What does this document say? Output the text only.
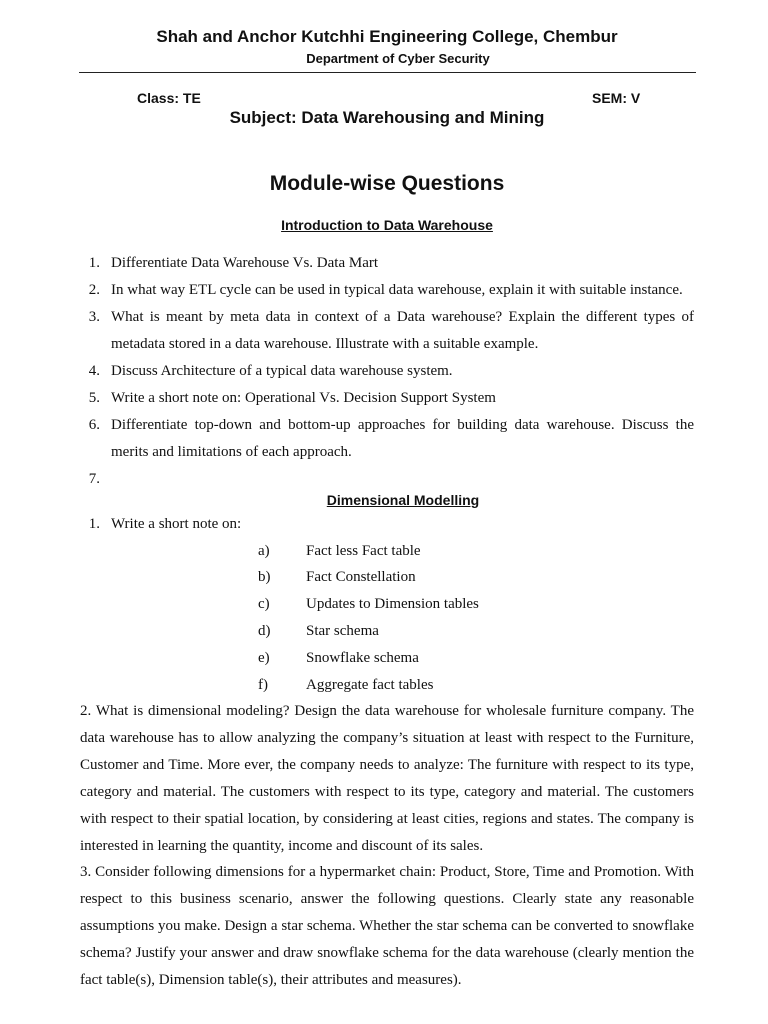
Shah and Anchor Kutchhi Engineering College, Chembur
Department of Cyber Security
Class: TE	SEM: V
Subject: Data Warehousing and Mining
Module-wise Questions
Introduction to Data Warehouse
1. Differentiate Data Warehouse Vs. Data Mart
2. In what way ETL cycle can be used in typical data warehouse, explain it with suitable instance.
3. What is meant by meta data in context of a Data warehouse? Explain the different types of metadata stored in a data warehouse. Illustrate with a suitable example.
4. Discuss Architecture of a typical data warehouse system.
5. Write a short note on: Operational Vs. Decision Support System
6. Differentiate top-down and bottom-up approaches for building data warehouse. Discuss the merits and limitations of each approach.
7.
Dimensional Modelling
1. Write a short note on:
a) Fact less Fact table
b) Fact Constellation
c) Updates to Dimension tables
d) Star schema
e) Snowflake schema
f)	Aggregate fact tables
2. What is dimensional modeling? Design the data warehouse for wholesale furniture company. The data warehouse has to allow analyzing the company’s situation at least with respect to the Furniture, Customer and Time. More ever, the company needs to analyze: The furniture with respect to its type, category and material. The customers with respect to its type, category and material. The customers with respect to their spatial location, by considering at least cities, regions and states. The company is interested in learning the quantity, income and discount of its sales.
3. Consider following dimensions for a hypermarket chain: Product, Store, Time and Promotion. With respect to this business scenario, answer the following questions. Clearly state any reasonable assumptions you make. Design a star schema. Whether the star schema can be converted to snowflake schema? Justify your answer and draw snowflake schema for the data warehouse (clearly mention the fact table(s), Dimension table(s), their attributes and measures).
